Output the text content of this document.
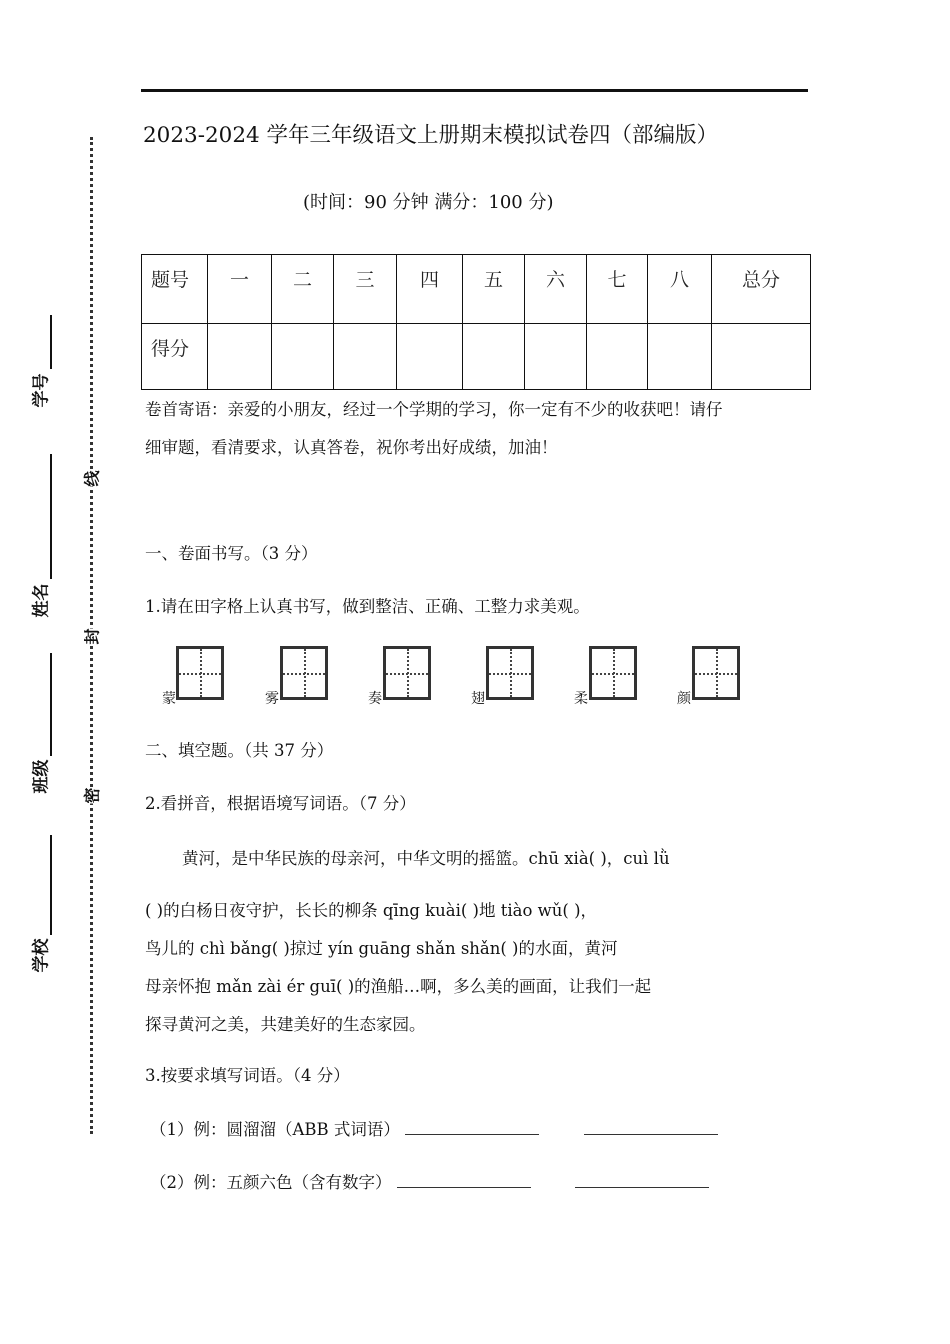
2023-2024 学年三年级语文上册期末模拟试卷四（部编版）
(时间：90 分钟 满分：100 分)
题号	一	二	三	四	五	六	七	八	总分
得分									
卷首寄语：亲爱的小朋友，经过一个学期的学习，你一定有不少的收获吧！请仔
细审题，看清要求，认真答卷，祝你考出好成绩，加油！
一、卷面书写。（3 分）
1.请在田字格上认真书写，做到整洁、正确、工整力求美观。
蒙	雾	奏	翅	柔	颜
二、填空题。（共 37 分）
2.看拼音，根据语境写词语。（7 分）
黄河，是中华民族的母亲河，中华文明的摇篮。chū xià( )，cuì lǜ
( )的白杨日夜守护，长长的柳条 qīng kuài( )地 tiào wǔ( )，
鸟儿的 chì bǎng( )掠过 yín guāng shǎn shǎn( )的水面，黄河
母亲怀抱 mǎn zài ér guī( )的渔船…啊，多么美的画面，让我们一起
探寻黄河之美，共建美好的生态家园。
3.按要求填写词语。（4 分）
（1）例：圆溜溜（ABB 式词语）
（2）例：五颜六色（含有数字）
学号
姓名
班级
学校
线
封
密
